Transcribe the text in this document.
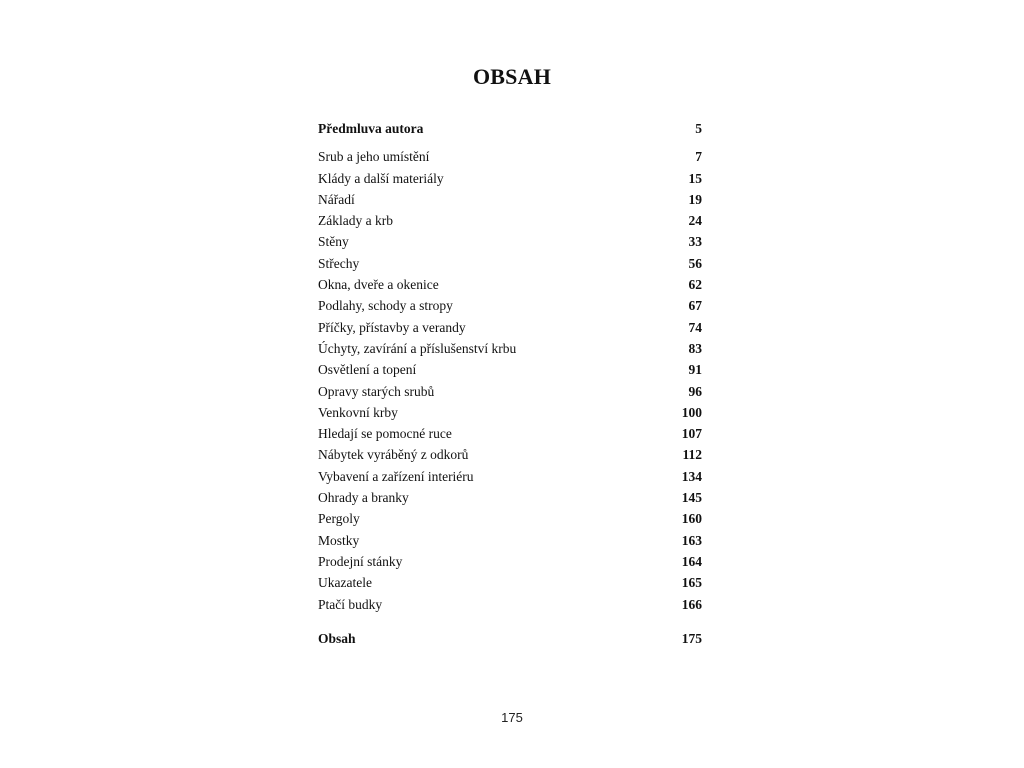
OBSAH
Předmluva autora	5
Srub a jeho umístění	7
Klády a další materiály	15
Nářadí	19
Základy a krb	24
Stěny	33
Střechy	56
Okna, dveře a okenice	62
Podlahy, schody a stropy	67
Příčky, přístavby a verandy	74
Úchyty, zavírání a příslušenství krbu	83
Osvětlení a topení	91
Opravy starých srubů	96
Venkovní krby	100
Hledají se pomocné ruce	107
Nábytek vyráběný z odkorů	112
Vybavení a zařízení interiéru	134
Ohrady a branky	145
Pergoly	160
Mostky	163
Prodejní stánky	164
Ukazatele	165
Ptačí budky	166
Obsah	175
175
